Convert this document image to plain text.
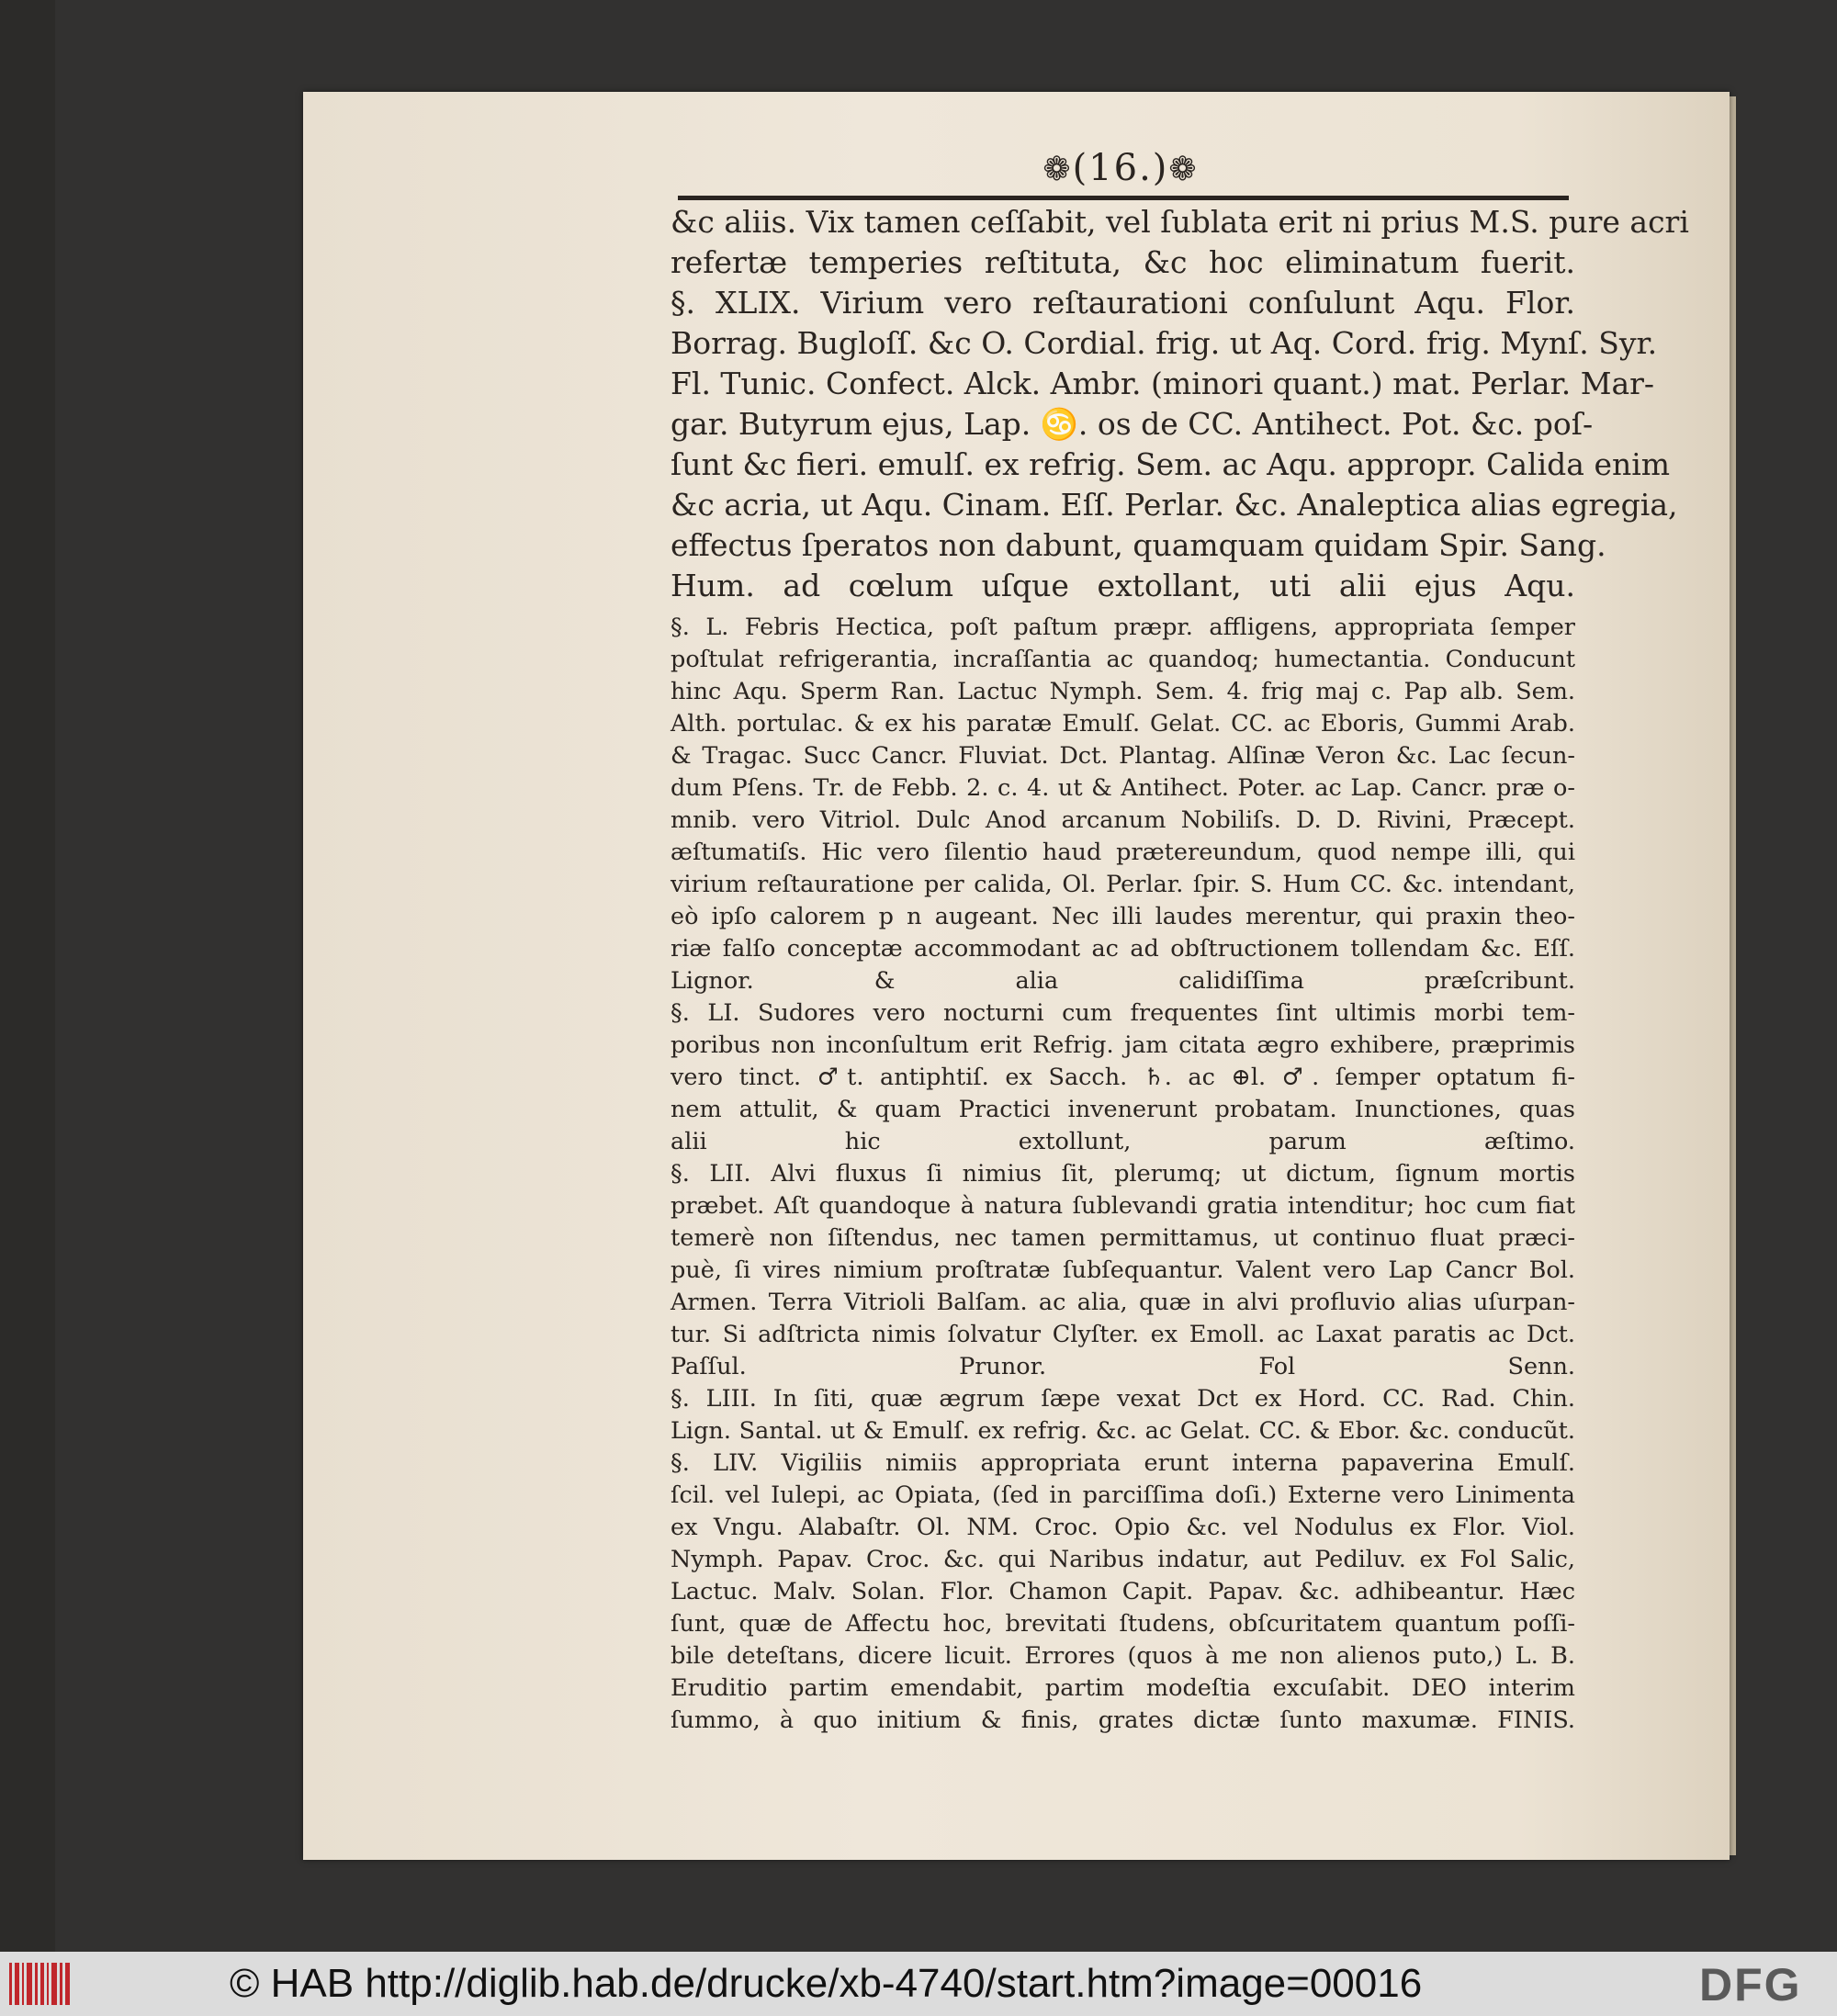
❁(16.)❁
&c aliis. Vix tamen ceſſabit, vel ſublata erit ni prius M.S. pure acri
refertæ temperies reſtituta, &c hoc eliminatum fuerit.
§. XLIX. Virium vero reſtaurationi conſulunt Aqu. Flor.
Borrag. Bugloſſ. &c O. Cordial. frig. ut Aq. Cord. frig. Mynſ. Syr.
Fl. Tunic. Confect. Alck. Ambr. (minori quant.) mat. Perlar. Mar-
gar. Butyrum ejus, Lap. ♋. os de CC. Antihect. Pot. &c. poſ-
ſunt &c fieri. emulſ. ex refrig. Sem. ac Aqu. appropr. Calida enim
&c acria, ut Aqu. Cinam. Eſſ. Perlar. &c. Analeptica alias egregia,
effectus ſperatos non dabunt, quamquam quidam Spir. Sang.
Hum. ad cœlum uſque extollant, uti alii ejus Aqu.
§. L. Febris Hectica, poſt paſtum præpr. affligens, appropriata ſemper
poſtulat refrigerantia, incraſſantia ac quandoq; humectantia. Conducunt
hinc Aqu. Sperm Ran. Lactuc Nymph. Sem. 4. frig maj c. Pap alb. Sem.
Alth. portulac. & ex his paratæ Emulſ. Gelat. CC. ac Eboris, Gummi Arab.
& Tragac. Succ Cancr. Fluviat. Dct. Plantag. Alſinæ Veron &c. Lac ſecun-
dum Pſens. Tr. de Febb. 2. c. 4. ut & Antihect. Poter. ac Lap. Cancr. præ o-
mnib. vero Vitriol. Dulc Anod arcanum Nobiliſs. D. D. Rivini, Præcept.
æſtumatiſs. Hic vero ſilentio haud prætereundum, quod nempe illi, qui
virium reſtauratione per calida, Ol. Perlar. ſpir. S. Hum CC. &c. intendant,
eò ipſo calorem p n augeant. Nec illi laudes merentur, qui praxin theo-
riæ falſo conceptæ accommodant ac ad obſtructionem tollendam &c. Eſſ.
Lignor. & alia calidiſſima præſcribunt.
§. LI. Sudores vero nocturni cum frequentes ſint ultimis morbi tem-
poribus non inconſultum erit Refrig. jam citata ægro exhibere, præprimis
vero tinct. ♂t. antiphtiſ. ex Sacch. ♄. ac ⊕l. ♂. ſemper optatum fi-
nem attulit, & quam Practici invenerunt probatam. Inunctiones, quas
alii hic extollunt, parum æſtimo.
§. LII. Alvi fluxus ſi nimius ſit, plerumq; ut dictum, ſignum mortis
præbet. Aſt quandoque à natura ſublevandi gratia intenditur; hoc cum fiat
temerè non ſiſtendus, nec tamen permittamus, ut continuo fluat præci-
puè, ſi vires nimium proſtratæ ſubſequantur. Valent vero Lap Cancr Bol.
Armen. Terra Vitrioli Balſam. ac alia, quæ in alvi profluvio alias uſurpan-
tur. Si adſtricta nimis ſolvatur Clyſter. ex Emoll. ac Laxat paratis ac Dct.
Paſſul. Prunor. Fol Senn.
§. LIII. In ſiti, quæ ægrum ſæpe vexat Dct ex Hord. CC. Rad. Chin.
Lign. Santal. ut & Emulſ. ex refrig. &c. ac Gelat. CC. & Ebor. &c. conducũt.
§. LIV. Vigiliis nimiis appropriata erunt interna papaverina Emulſ.
ſcil. vel Iulepi, ac Opiata, (ſed in parciſſima doſi.) Externe vero Linimenta
ex Vngu. Alabaſtr. Ol. NM. Croc. Opio &c. vel Nodulus ex Flor. Viol.
Nymph. Papav. Croc. &c. qui Naribus indatur, aut Pediluv. ex Fol Salic,
Lactuc. Malv. Solan. Flor. Chamon Capit. Papav. &c. adhibeantur. Hæc
ſunt, quæ de Affectu hoc, brevitati ſtudens, obſcuritatem quantum poſſi-
bile deteſtans, dicere licuit. Errores (quos à me non alienos puto,) L. B.
Eruditio partim emendabit, partim modeſtia excuſabit. DEO interim
ſummo, à quo initium & finis, grates dictæ ſunto maxumæ. FINIS.
© HAB http://diglib.hab.de/drucke/xb-4740/start.htm?image=00016	DFG
